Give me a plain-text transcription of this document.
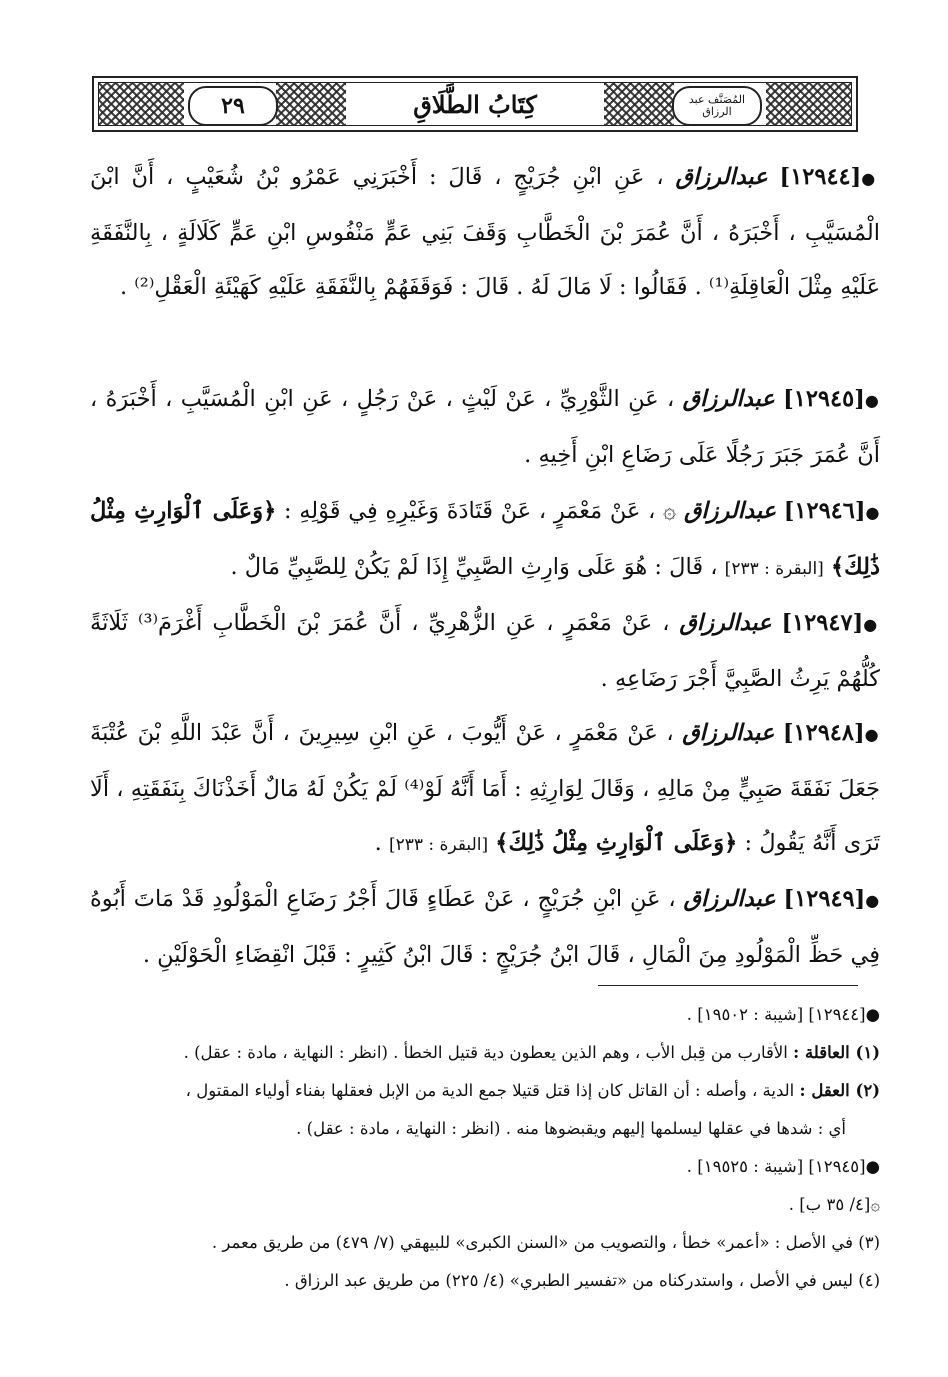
٢٩	المُصَنَّف عبد الرزاق
كِتَابُ الطَّلَاقِ
●[١٢٩٤٤] عبدالرزاق ، عَنِ ابْنِ جُرَيْجٍ ، قَالَ : أَخْبَرَنِي عَمْرُو بْنُ شُعَيْبٍ ، أَنَّ ابْنَ الْمُسَيَّبِ ، أَخْبَرَهُ ، أَنَّ عُمَرَ بْنَ الْخَطَّابِ وَقَفَ بَنِي عَمٍّ مَنْفُوسِ ابْنِ عَمٍّ كَلَالَةٍ ، بِالنَّفَقَةِ عَلَيْهِ مِثْلَ الْعَاقِلَةِ⁽¹⁾ . فَقَالُوا : لَا مَالَ لَهُ . قَالَ : فَوَقَفَهُمْ بِالنَّفَقَةِ عَلَيْهِ كَهَيْئَةِ الْعَقْلِ⁽²⁾ .
●[١٢٩٤٥] عبدالرزاق ، عَنِ الثَّوْرِيِّ ، عَنْ لَيْثٍ ، عَنْ رَجُلٍ ، عَنِ ابْنِ الْمُسَيَّبِ ، أَخْبَرَهُ ، أَنَّ عُمَرَ جَبَرَ رَجُلًا عَلَى رَضَاعِ ابْنِ أَخِيهِ .
●[١٢٩٤٦] عبدالرزاق ۞ ، عَنْ مَعْمَرٍ ، عَنْ قَتَادَةَ وَغَيْرِهِ فِي قَوْلِهِ : ﴿وَعَلَى ٱلْوَارِثِ مِثْلُ ذَٰلِكَ﴾ [البقرة : ٢٣٣] ، قَالَ : هُوَ عَلَى وَارِثِ الصَّبِيِّ إِذَا لَمْ يَكُنْ لِلصَّبِيِّ مَالٌ .
●[١٢٩٤٧] عبدالرزاق ، عَنْ مَعْمَرٍ ، عَنِ الزُّهْرِيِّ ، أَنَّ عُمَرَ بْنَ الْخَطَّابِ أَغْرَمَ⁽³⁾ ثَلَاثَةً كُلُّهُمْ يَرِثُ الصَّبِيَّ أَجْرَ رَضَاعِهِ .
●[١٢٩٤٨] عبدالرزاق ، عَنْ مَعْمَرٍ ، عَنْ أَيُّوبَ ، عَنِ ابْنِ سِيرِينَ ، أَنَّ عَبْدَ اللَّهِ بْنَ عُتْبَةَ جَعَلَ نَفَقَةَ صَبِيٍّ مِنْ مَالِهِ ، وَقَالَ لِوَارِثِهِ : أَمَا أَنَّهُ لَوْ⁽⁴⁾ لَمْ يَكُنْ لَهُ مَالٌ أَخَذْنَاكَ بِنَفَقَتِهِ ، أَلَا تَرَى أَنَّهُ يَقُولُ : ﴿وَعَلَى ٱلْوَارِثِ مِثْلُ ذَٰلِكَ﴾ [البقرة : ٢٣٣] .
●[١٢٩٤٩] عبدالرزاق ، عَنِ ابْنِ جُرَيْجٍ ، عَنْ عَطَاءٍ قَالَ أَجْرُ رَضَاعِ الْمَوْلُودِ قَدْ مَاتَ أَبُوهُ فِي حَظِّ الْمَوْلُودِ مِنَ الْمَالِ ، قَالَ ابْنُ جُرَيْجٍ : قَالَ ابْنُ كَثِيرٍ : قَبْلَ انْقِضَاءِ الْحَوْلَيْنِ .
●[١٢٩٤٤] [شيبة : ١٩٥٠٢] .
(١) العاقلة : الأقارب من قِبل الأب ، وهم الذين يعطون دية قتيل الخطأ . (انظر : النهاية ، مادة : عقل) .
(٢) العقل : الدية ، وأصله : أن القاتل كان إذا قتل قتيلا جمع الدية من الإبل فعقلها بفناء أولياء المقتول ،
أي : شدها في عقلها ليسلمها إليهم ويقبضوها منه . (انظر : النهاية ، مادة : عقل) .
●[١٢٩٤٥] [شيبة : ١٩٥٢٥] .
۞[٤/ ٣٥ ب] .
(٣) في الأصل : «أعمر» خطأ ، والتصويب من «السنن الكبرى» للبيهقي (٧/ ٤٧٩) من طريق معمر .
(٤) ليس في الأصل ، واستدركناه من «تفسير الطبري» (٤/ ٢٢٥) من طريق عبد الرزاق .
